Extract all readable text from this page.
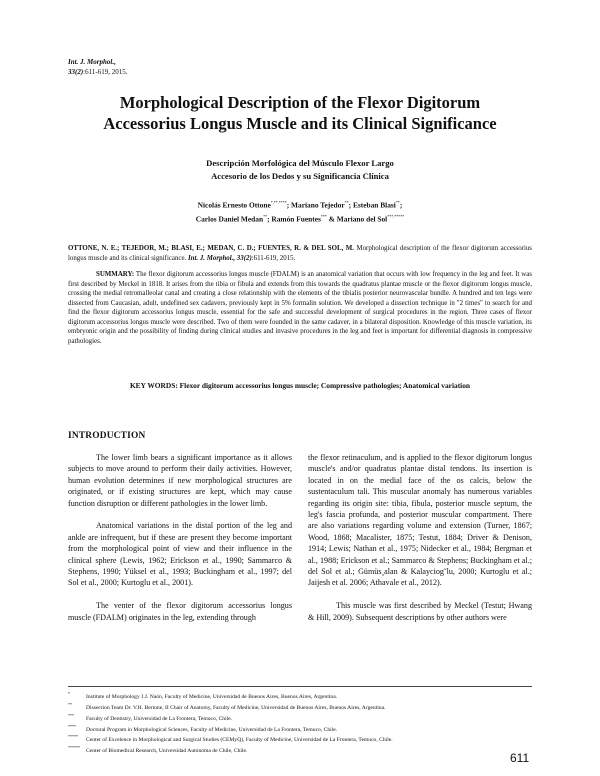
Int. J. Morphol.,
33(2):611-619, 2015.
Morphological Description of the Flexor Digitorum
Accessorius Longus Muscle and its Clinical Significance
Descripción Morfológica del Músculo Flexor Largo
Accesorio de los Dedos y su Significancia Clínica
Nicolás Ernesto Ottone*,**,****; Mariano Tejedor**; Esteban Blasi**;
Carlos Daniel Medan**; Ramón Fuentes*** & Mariano del Sol***,*****
OTTONE, N. E.; TEJEDOR, M.; BLASI, E.; MEDAN, C. D.; FUENTES, R. & DEL SOL, M. Morphological description of the flexor digitorum accessorius longus muscle and its clinical significance. Int. J. Morphol., 33(2):611-619, 2015.
SUMMARY: The flexor digitorum accessorius longus muscle (FDALM) is an anatomical variation that occurs with low frequency in the leg and feet. It was first described by Meckel in 1818. It arises from the tibia or fibula and extends from this towards the quadratus plantae muscle or the flexor digitorum longus muscle, crossing the medial retromalleolar canal and creating a close relationship with the elements of the tibialis posterior neurovascular bundle. A hundred and ten legs were dissected from Caucasian, adult, undefined sex cadavers, previously kept in 5% formalin solution. We developed a dissection technique in "2 times" to search for and find the flexor digitorum accessorius longus muscle, essential for the safe and successful development of surgical procedures in the region. Three cases of flexor digitorum accessorius longus muscle were described. Two of them were founded in the same cadaver, in a bilateral disposition. Knowledge of this muscle variation, its embryonic origin and the possibility of finding during clinical studies and invasive procedures in the leg and feet is important for differential diagnosis in compressive pathologies.
KEY WORDS: Flexor digitorum accessorius longus muscle; Compressive pathologies; Anatomical variation
INTRODUCTION

The lower limb bears a significant importance as it allows subjects to move around to perform their daily activities. However, human evolution determines if new morphological structures are originated, or if existing structures are kept, which may cause function disruption or different pathologies in the lower limb.

Anatomical variations in the distal portion of the leg and ankle are infrequent, but if these are present they become important from the morphological point of view and their influence in the clinical sphere (Lewis, 1962; Erickson et al., 1990; Sammarco & Stephens, 1990; Yüksel et al., 1993; Buckingham et al., 1997; del Sol et al., 2000; Kurtoglu et al., 2001).

The venter of the flexor digitorum accessorius longus muscle (FDALM) originates in the leg, extending through

the flexor retinaculum, and is applied to the flexor digitorum longus muscle's and/or quadratus plantae distal tendons. Its insertion is located in on the medial face of the os calcis, below the sustentaculum tali. This muscular anomaly has numerous variables regarding its origin site: tibia, fibula, posterior muscle septum, the leg's fascia profunda, and posterior muscular compartment. There are also variations regarding volume and extension (Turner, 1867; Wood, 1868; Macalister, 1875; Testut, 1884; Driver & Denison, 1914; Lewis; Nathan et al., 1975; Nidecker et al., 1984; Bergman et al., 1988; Erickson et al.; Sammarco & Stephens; Buckingham et al.; del Sol et al.; Gümüs¸alan & Kalayciog˘lu, 2000; Kurtoglu et al.; Jaijesh et al. 2006; Athavale et al., 2012).

This muscle was first described by Meckel (Testut; Hwang & Hill, 2009). Subsequent descriptions by other authors were

*Institute of Morphology J.J. Naón, Faculty of Medicine, Universidad de Buenos Aires, Buenos Aires, Argentina.
**Dissection Team Dr. V.H. Bertone, II Chair of Anatomy, Faculty of Medicine, Universidad de Buenos Aires, Buenos Aires, Argentina.
***Faculty of Dentistry, Universidad de La Frontera, Temuco, Chile.
****Doctoral Program in Morphological Sciences, Faculty of Medicine, Universidad de La Frontera, Temuco, Chile.
*****Center of Excelence in Morphological and Surgical Studies (CEMyQ), Faculty of Medicine, Universidad de La Frontera, Temuco, Chile.
******Center of Biomedical Research, Universidad Autónoma de Chile, Chile.	611
